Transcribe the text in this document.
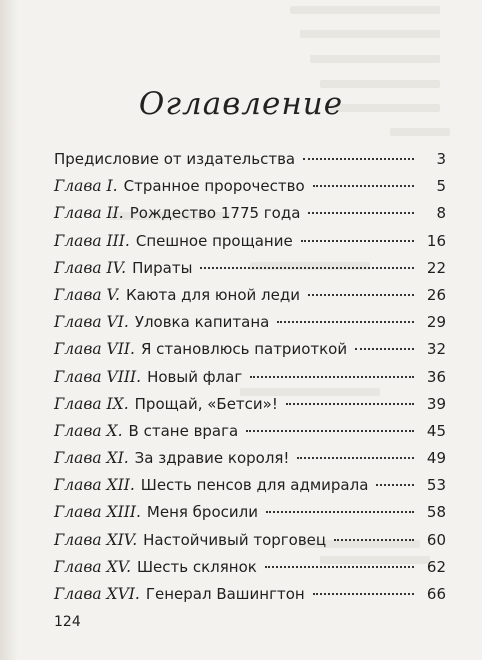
Оглавление
Предисловие от издательства	3
Глава I. Странное пророчество	5
Глава II. Рождество 1775 года	8
Глава III. Спешное прощание	16
Глава IV. Пираты	22
Глава V. Каюта для юной леди	26
Глава VI. Уловка капитана	29
Глава VII. Я становлюсь патриоткой	32
Глава VIII. Новый флаг	36
Глава IX. Прощай, «Бетси»!	39
Глава X. В стане врага	45
Глава XI. За здравие короля!	49
Глава XII. Шесть пенсов для адмирала	53
Глава XIII. Меня бросили	58
Глава XIV. Настойчивый торговец	60
Глава XV. Шесть склянок	62
Глава XVI. Генерал Вашингтон	66
124
